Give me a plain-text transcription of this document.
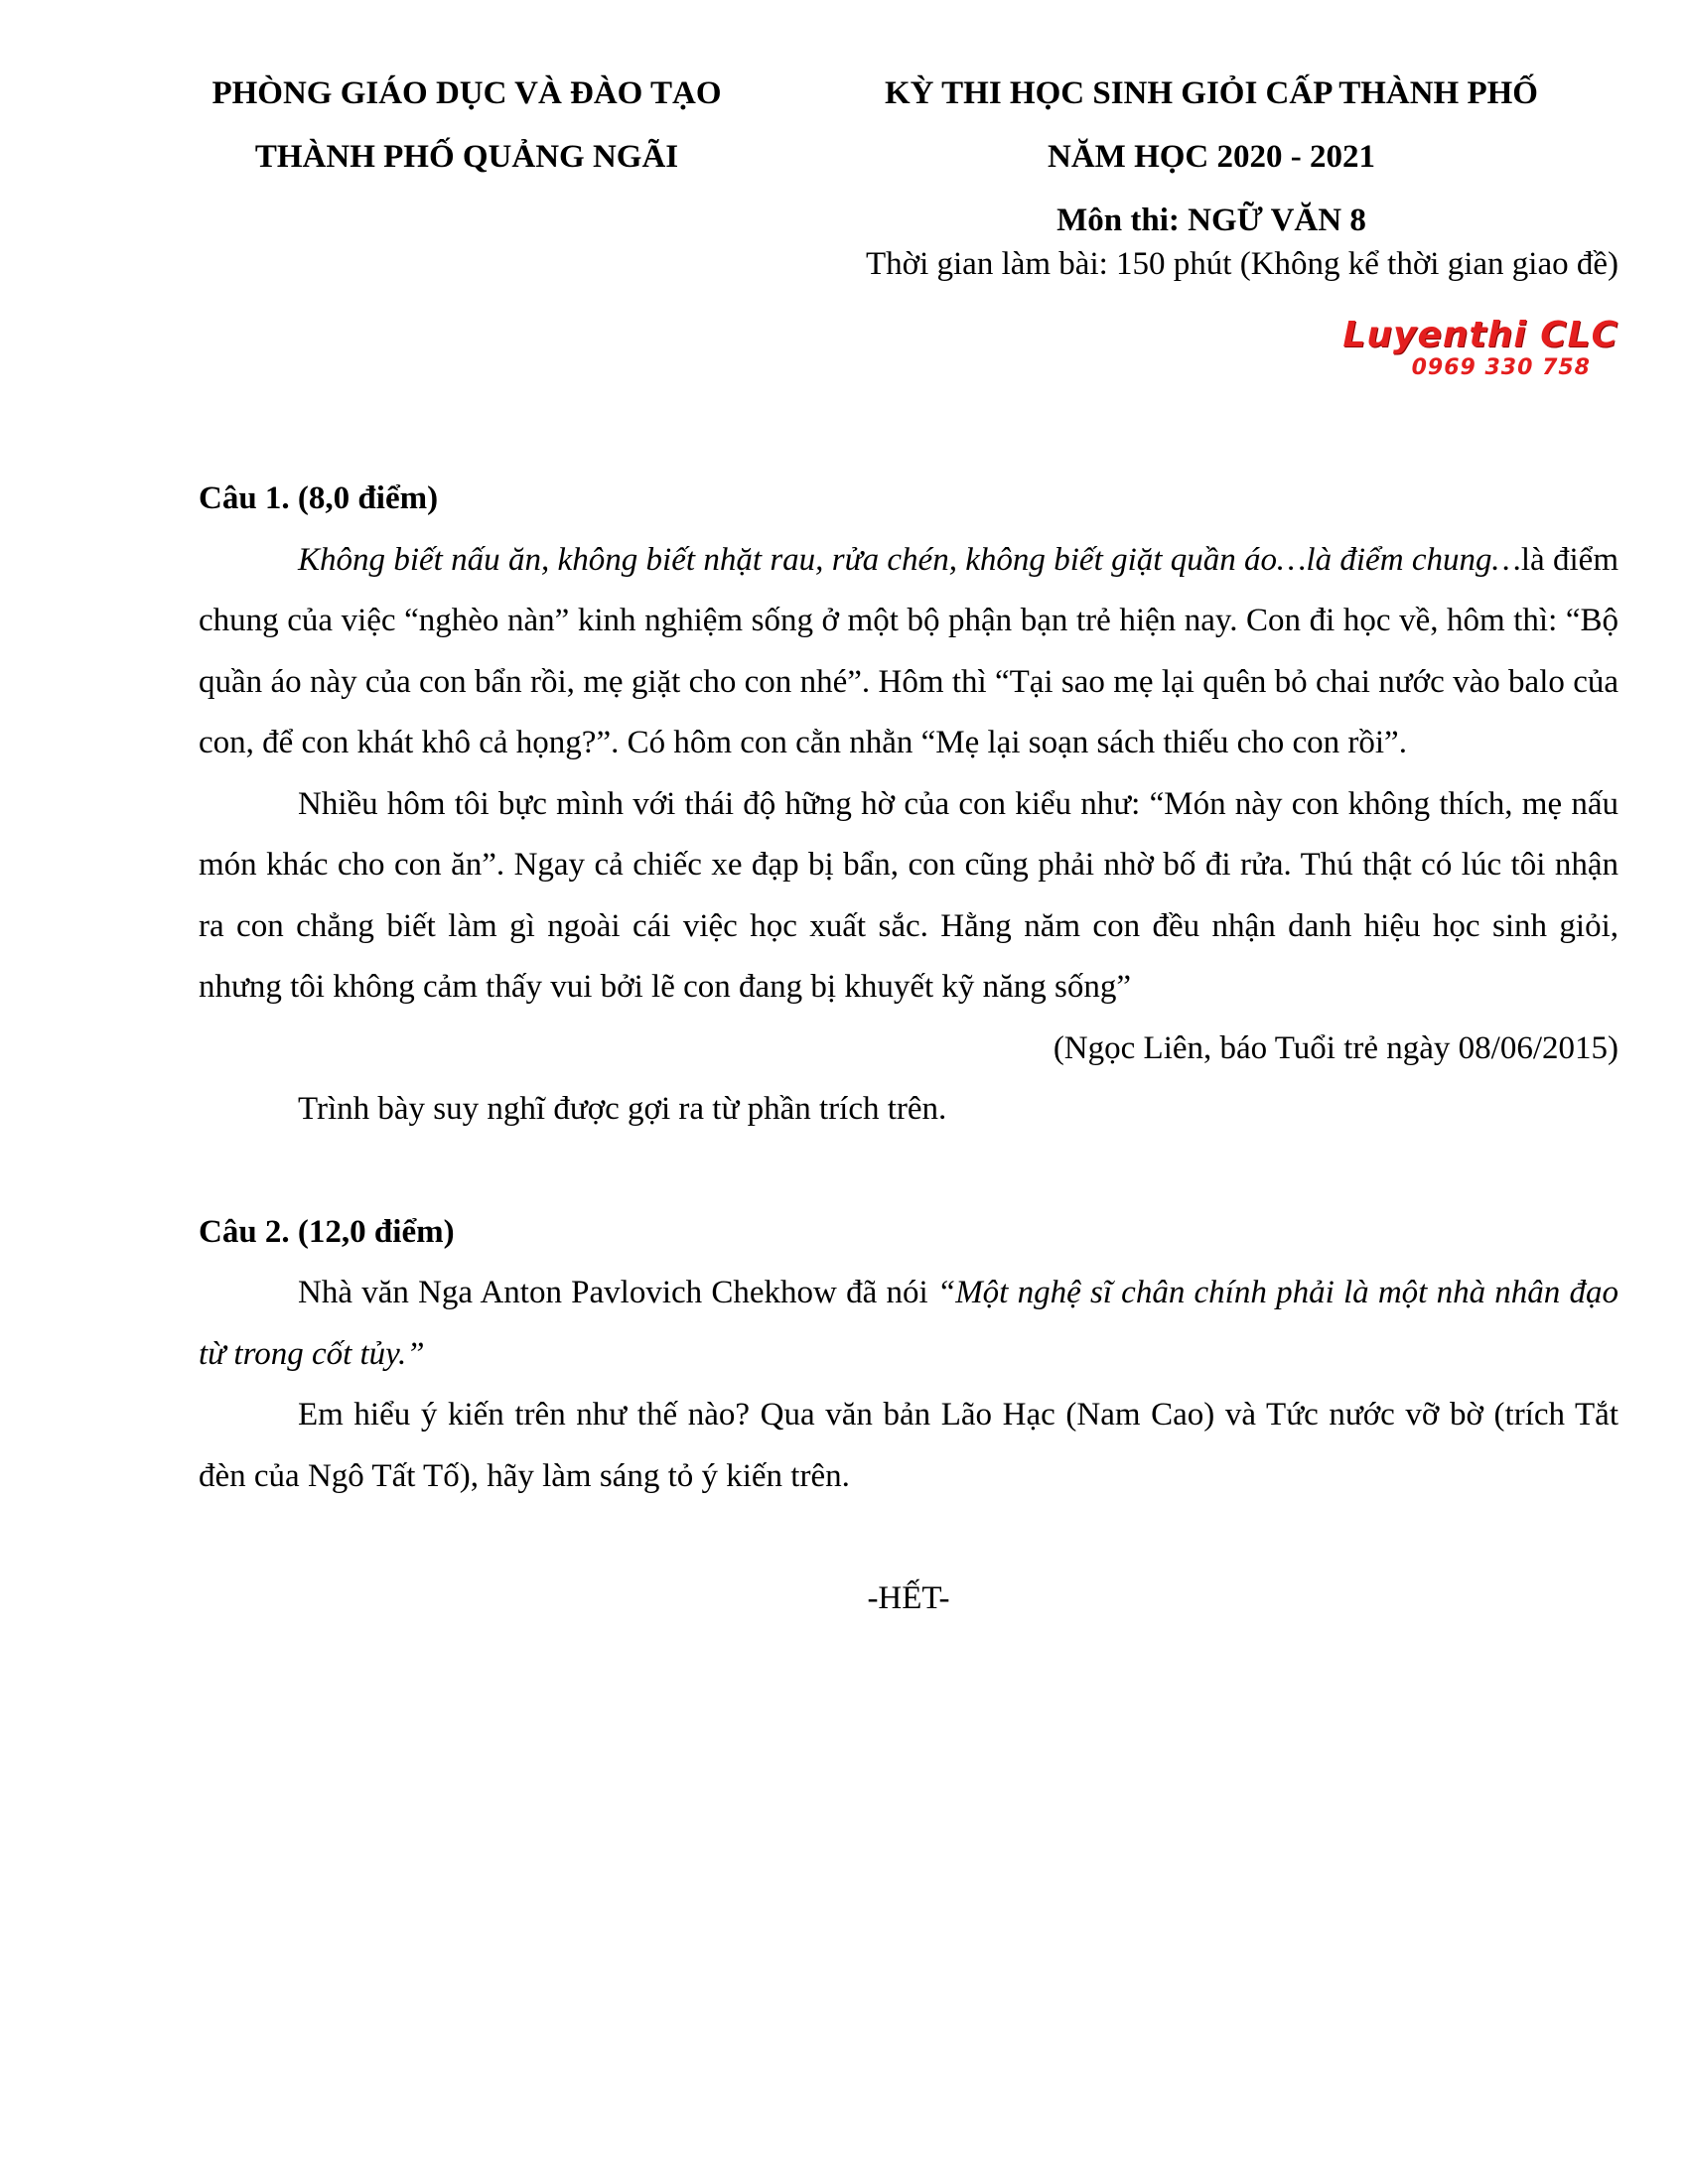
PHÒNG GIÁO DỤC VÀ ĐÀO TẠO
THÀNH PHỐ QUẢNG NGÃI
KỲ THI HỌC SINH GIỎI CẤP THÀNH PHỐ
NĂM HỌC 2020 - 2021
Môn thi: NGỮ VĂN 8
Thời gian làm bài: 150 phút (Không kể thời gian giao đề)
Luyenthi CLC
0969 330 758

Câu 1. (8,0 điểm)

Không biết nấu ăn, không biết nhặt rau, rửa chén, không biết giặt quần áo…là điểm chung…là điểm chung của việc “nghèo nàn” kinh nghiệm sống ở một bộ phận bạn trẻ hiện nay. Con đi học về, hôm thì: “Bộ quần áo này của con bẩn rồi, mẹ giặt cho con nhé”. Hôm thì “Tại sao mẹ lại quên bỏ chai nước vào balo của con, để con khát khô cả họng?”. Có hôm con cằn nhằn “Mẹ lại soạn sách thiếu cho con rồi”.

Nhiều hôm tôi bực mình với thái độ hững hờ của con kiểu như: “Món này con không thích, mẹ nấu món khác cho con ăn”. Ngay cả chiếc xe đạp bị bẩn, con cũng phải nhờ bố đi rửa. Thú thật có lúc tôi nhận ra con chẳng biết làm gì ngoài cái việc học xuất sắc. Hằng năm con đều nhận danh hiệu học sinh giỏi, nhưng tôi không cảm thấy vui bởi lẽ con đang bị khuyết kỹ năng sống”

(Ngọc Liên, báo Tuổi trẻ ngày 08/06/2015)

Trình bày suy nghĩ được gợi ra từ phần trích trên.

Câu 2. (12,0 điểm)

Nhà văn Nga Anton Pavlovich Chekhow đã nói “Một nghệ sĩ chân chính phải là một nhà nhân đạo từ trong cốt tủy.”

Em hiểu ý kiến trên như thế nào? Qua văn bản Lão Hạc (Nam Cao) và Tức nước vỡ bờ (trích Tắt đèn của Ngô Tất Tố), hãy làm sáng tỏ ý kiến trên.

-HẾT-
